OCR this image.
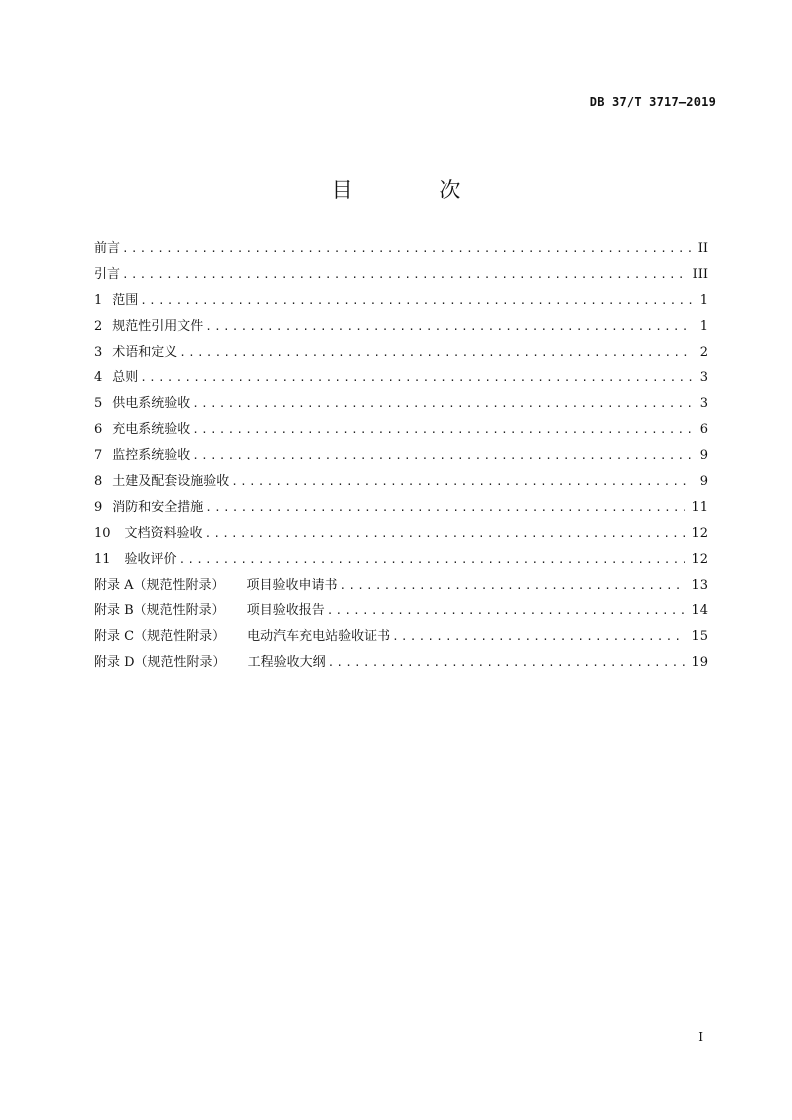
DB 37/T 3717—2019
目 次
前言 .....	II
引言 .....	III
1 范围 .....	1
2 规范性引用文件 .....	1
3 术语和定义 .....	2
4 总则 .....	3
5 供电系统验收 .....	3
6 充电系统验收 .....	6
7 监控系统验收 .....	9
8 土建及配套设施验收 .....	9
9 消防和安全措施 .....	11
10 文档资料验收 .....	12
11 验收评价 .....	12
附录 A（规范性附录） 项目验收申请书 .....	13
附录 B（规范性附录） 项目验收报告 .....	14
附录 C（规范性附录） 电动汽车充电站验收证书 .....	15
附录 D（规范性附录） 工程验收大纲 .....	19
I
